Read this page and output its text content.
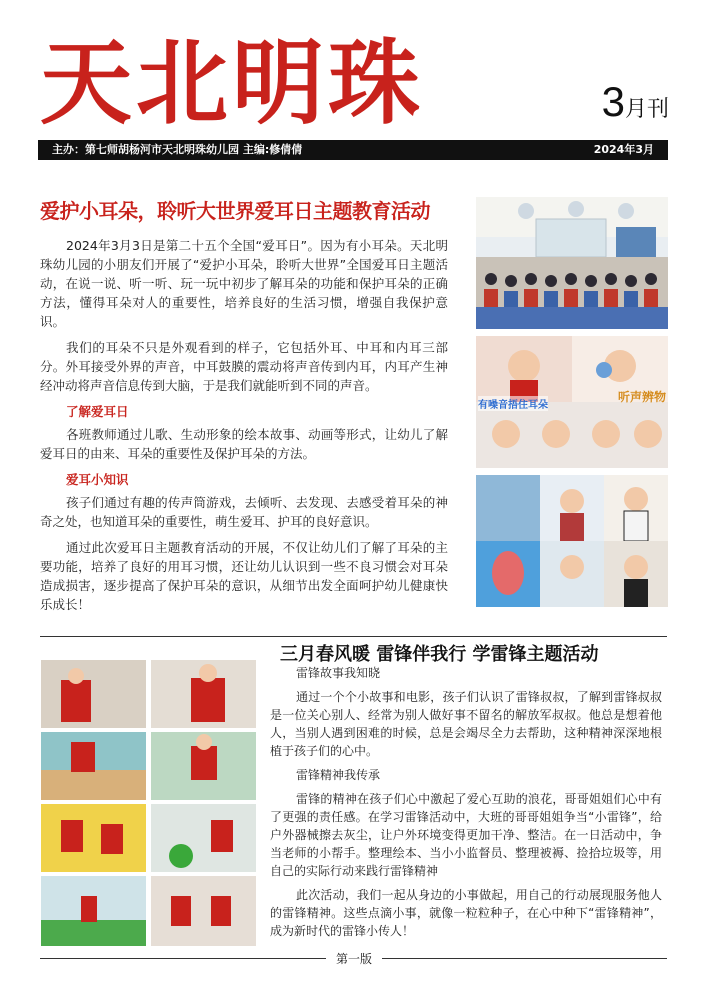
天北明珠	3月刊
主办：第七师胡杨河市天北明珠幼儿园 主编:修倩倩	2024年3月
爱护小耳朵，聆听大世界爱耳日主题教育活动

2024年3月3日是第二十五个全国“爱耳日”。因为有小耳朵。天北明珠幼儿园的小朋友们开展了“爱护小耳朵，聆听大世界”全国爱耳日主题活动，在说一说、听一听、玩一玩中初步了解耳朵的功能和保护耳朵的正确方法，懂得耳朵对人的重要性，培养良好的生活习惯，增强自我保护意识。

我们的耳朵不只是外观看到的样子，它包括外耳、中耳和内耳三部分。外耳接受外界的声音，中耳鼓膜的震动将声音传到内耳，内耳产生神经冲动将声音信息传到大脑，于是我们就能听到不同的声音。

了解爱耳日

各班教师通过儿歌、生动形象的绘本故事、动画等形式，让幼儿了解爱耳日的由来、耳朵的重要性及保护耳朵的方法。

爱耳小知识

孩子们通过有趣的传声筒游戏，去倾听、去发现、去感受着耳朵的神奇之处，也知道耳朵的重要性，萌生爱耳、护耳的良好意识。

通过此次爱耳日主题教育活动的开展，不仅让幼儿们了解了耳朵的主要功能，培养了良好的用耳习惯，还让幼儿认识到一些不良习惯会对耳朵造成损害，逐步提高了保护耳朵的意识，从细节出发全面呵护幼儿健康快乐成长！

有噪音捂住耳朵
听声辨物
三月春风暖 雷锋伴我行 学雷锋主题活动

雷锋故事我知晓

通过一个个小故事和电影，孩子们认识了雷锋叔叔，了解到雷锋叔叔是一位关心别人、经常为别人做好事不留名的解放军叔叔。他总是想着他人，当别人遇到困难的时候，总是会竭尽全力去帮助，这种精神深深地根植于孩子们的心中。

雷锋精神我传承

雷锋的精神在孩子们心中激起了爱心互助的浪花，哥哥姐姐们心中有了更强的责任感。在学习雷锋活动中，大班的哥哥姐姐争当“小雷锋”，给户外器械擦去灰尘，让户外环境变得更加干净、整洁。在一日活动中，争当老师的小帮手。整理绘本、当小小监督员、整理被褥、捡拾垃圾等，用自己的实际行动来践行雷锋精神

此次活动，我们一起从身边的小事做起，用自己的行动展现服务他人的雷锋精神。这些点滴小事，就像一粒粒种子，在心中种下“雷锋精神”，成为新时代的雷锋小传人！

第一版
